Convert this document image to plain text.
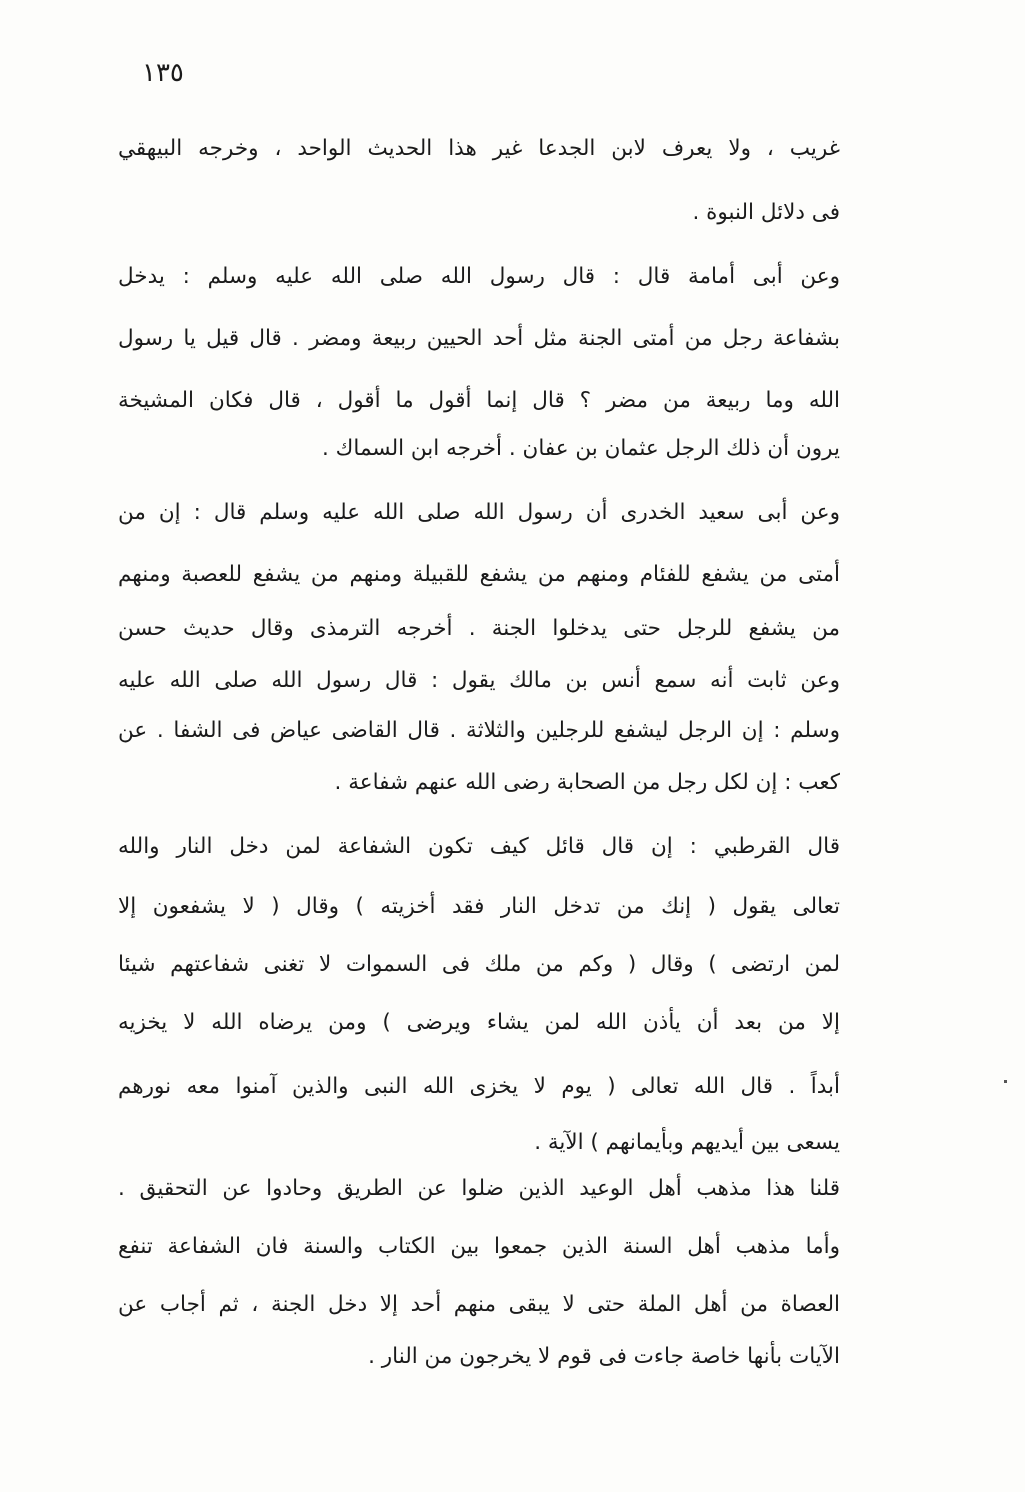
١٣٥
غريب ، ولا يعرف لابن الجدعا غير هذا الحديث الواحد ، وخرجه البيهقي
فى دلائل النبوة .
وعن أبى أمامة قال : قال رسول الله صلى الله عليه وسلم : يدخل
بشفاعة رجل من أمتى الجنة مثل أحد الحيين ربيعة ومضر . قال قيل يا رسول
الله وما ربيعة من مضر ؟ قال إنما أقول ما أقول ، قال فكان المشيخة
يرون أن ذلك الرجل عثمان بن عفان . أخرجه ابن السماك .
وعن أبى سعيد الخدرى أن رسول الله صلى الله عليه وسلم قال : إن من
أمتى من يشفع للفئام ومنهم من يشفع للقبيلة ومنهم من يشفع للعصبة ومنهم
من يشفع للرجل حتى يدخلوا الجنة . أخرجه الترمذى وقال حديث حسن
وعن ثابت أنه سمع أنس بن مالك يقول : قال رسول الله صلى الله عليه
وسلم : إن الرجل ليشفع للرجلين والثلاثة . قال القاضى عياض فى الشفا . عن
كعب : إن لكل رجل من الصحابة رضى الله عنهم شفاعة .
قال القرطبي : إن قال قائل كيف تكون الشفاعة لمن دخل النار والله
تعالى يقول ( إنك من تدخل النار فقد أخزيته ) وقال ( لا يشفعون إلا
لمن ارتضى ) وقال ( وكم من ملك فى السموات لا تغنى شفاعتهم شيئا
إلا من بعد أن يأذن الله لمن يشاء ويرضى ) ومن يرضاه الله لا يخزيه
أبداً . قال الله تعالى ( يوم لا يخزى الله النبى والذين آمنوا معه نورهم
يسعى بين أيديهم وبأيمانهم ) الآية .
قلنا هذا مذهب أهل الوعيد الذين ضلوا عن الطريق وحادوا عن التحقيق .
وأما مذهب أهل السنة الذين جمعوا بين الكتاب والسنة فان الشفاعة تنفع
العصاة من أهل الملة حتى لا يبقى منهم أحد إلا دخل الجنة ، ثم أجاب عن
الآيات بأنها خاصة جاءت فى قوم لا يخرجون من النار .
